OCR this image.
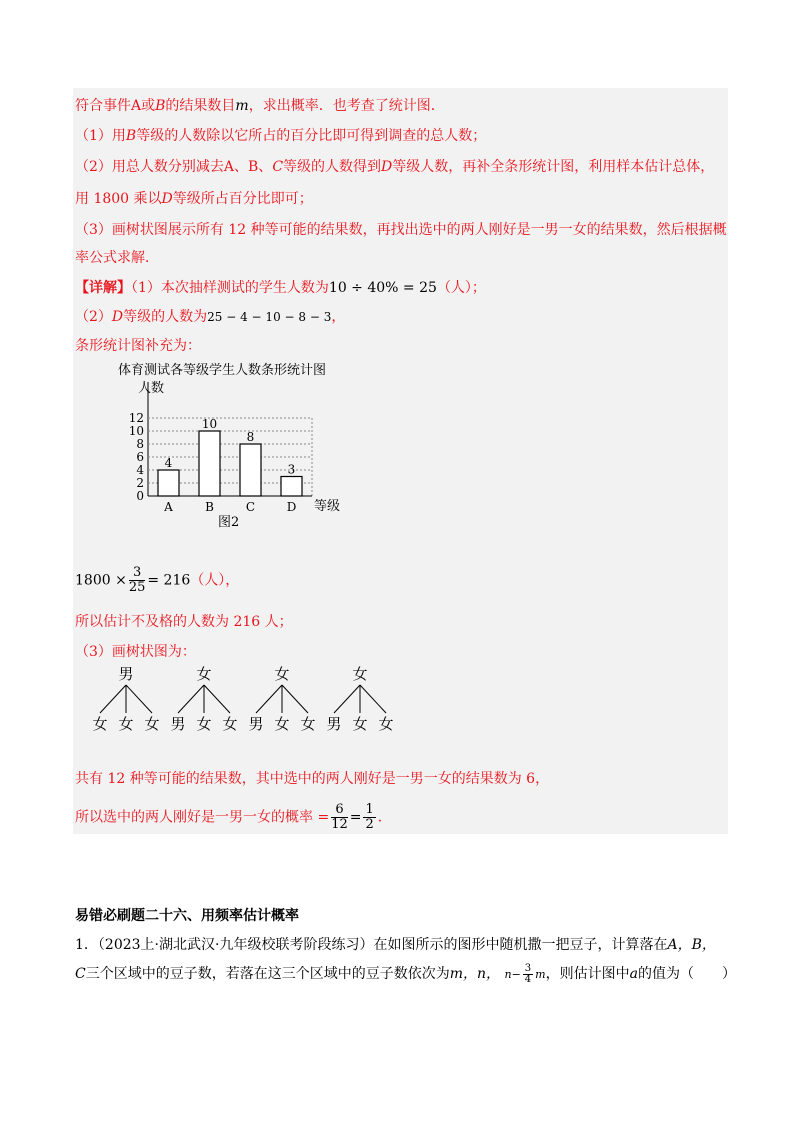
符合事件A或B的结果数目m，求出概率．也考查了统计图．
（1）用B等级的人数除以它所占的百分比即可得到调查的总人数；
（2）用总人数分别减去A、B、C等级的人数得到D等级人数，再补全条形统计图，利用样本估计总体，
用 1800 乘以D等级所占百分比即可；
（3）画树状图展示所有 12 种等可能的结果数，再找出选中的两人刚好是一男一女的结果数，然后根据概
率公式求解．
【详解】（1）本次抽样测试的学生人数为10 ÷ 40% = 25（人）；
（2）D等级的人数为25 − 4 − 10 − 8 − 3，
条形统计图补充为：
体育测试各等级学生人数条形统计图
人数
0
2
4
6
8
10
12
4
A
10
B
8
C
3
D 等级
图2
$1800 \times \frac{3}{25} = 216$（人），
所以估计不及格的人数为 216 人；
（3）画树状图为：
男
女 女 女
女
男 女 女
女
男 女 女
女
男 女 女
共有 12 种等可能的结果数，其中选中的两人刚好是一男一女的结果数为 6，
所以选中的两人刚好是一男一女的概率 = $\frac{6}{12} = \frac{1}{2}$ ．
易错必刷题二十六、用频率估计概率
1．（2023上·湖北武汉·九年级校联考阶段练习）在如图所示的图形中随机撒一把豆子，计算落在A，B，
C三个区域中的豆子数，若落在这三个区域中的豆子数依次为m，n， $n- \frac{3}{4}$ m，则估计图中a的值为（　　）
